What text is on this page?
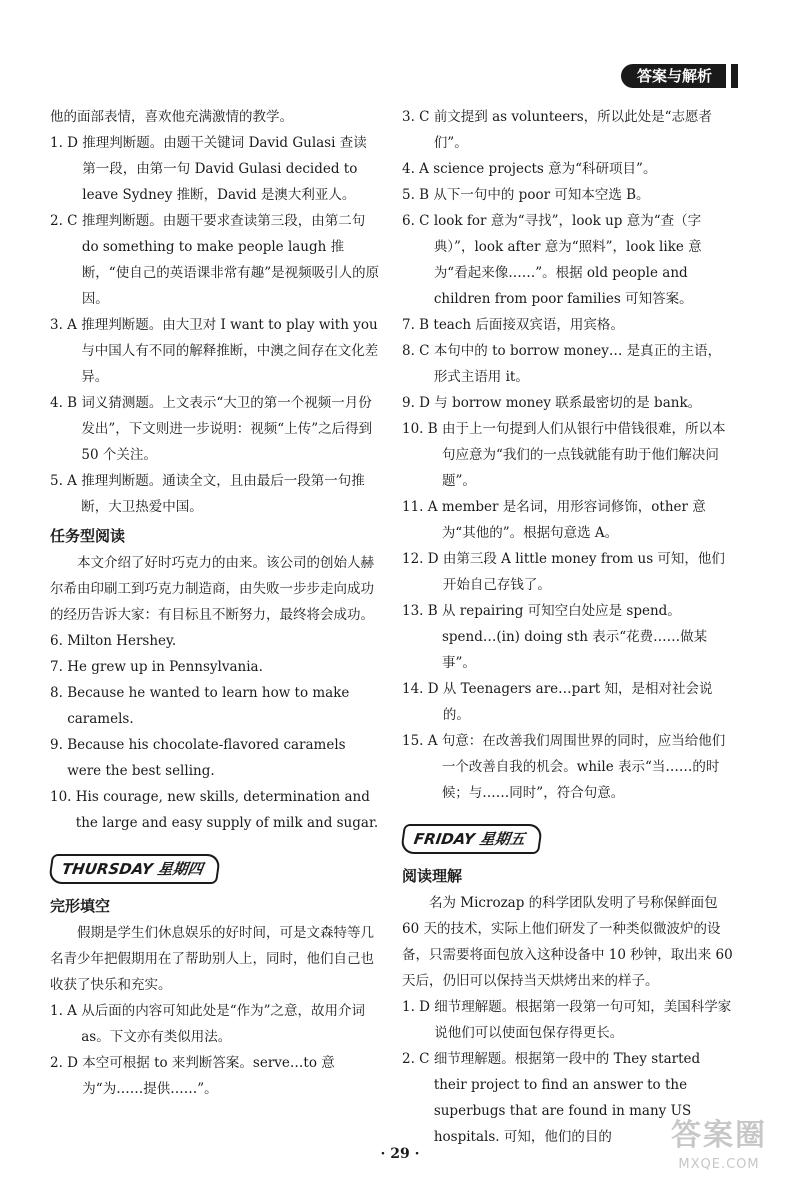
答案与解析

他的面部表情，喜欢他充满激情的教学。

1. D
推理判断题。由题干关键词 David Gulasi 查读第一段，由第一句 David Gulasi decided to leave Sydney 推断，David 是澳大利亚人。
2. C
推理判断题。由题干要求查读第三段，由第二句 do something to make people laugh 推断，“使自己的英语课非常有趣”是视频吸引人的原因。
3. A
推理判断题。由大卫对 I want to play with you 与中国人有不同的解释推断，中澳之间存在文化差异。
4. B
词义猜测题。上文表示“大卫的第一个视频一月份发出”，下文则进一步说明：视频“上传”之后得到 50 个关注。
5. A
推理判断题。通读全文，且由最后一段第一句推断，大卫热爱中国。
任务型阅读

本文介绍了好时巧克力的由来。该公司的创始人赫尔希由印刷工到巧克力制造商，由失败一步步走向成功的经历告诉大家：有目标且不断努力，最终将会成功。

6.
Milton Hershey.
7.
He grew up in Pennsylvania.
8.
Because he wanted to learn how to make caramels.
9.
Because his chocolate-flavored caramels were the best selling.
10.
His courage, new skills, determination and the large and easy supply of milk and sugar.
THURSDAY 星期四
完形填空

假期是学生们休息娱乐的好时间，可是文森特等几名青少年把假期用在了帮助别人上，同时，他们自己也收获了快乐和充实。

1. A
从后面的内容可知此处是“作为”之意，故用介词 as。下文亦有类似用法。
2. D
本空可根据 to 来判断答案。serve…to 意为“为……提供……”。
3. C
前文提到 as volunteers，所以此处是“志愿者们”。
4. A
science projects 意为“科研项目”。
5. B
从下一句中的 poor 可知本空选 B。
6. C
look for 意为“寻找”，look up 意为“查（字典）”，look after 意为“照料”，look like 意为“看起来像……”。根据 old people and children from poor families 可知答案。
7. B
teach 后面接双宾语，用宾格。
8. C
本句中的 to borrow money… 是真正的主语，形式主语用 it。
9. D
与 borrow money 联系最密切的是 bank。
10. B
由于上一句提到人们从银行中借钱很难，所以本句应意为“我们的一点钱就能有助于他们解决问题”。
11. A
member 是名词，用形容词修饰，other 意为“其他的”。根据句意选 A。
12. D
由第三段 A little money from us 可知，他们开始自己存钱了。
13. B
从 repairing 可知空白处应是 spend。spend…(in) doing sth 表示“花费……做某事”。
14. D
从 Teenagers are…part 知，是相对社会说的。
15. A
句意：在改善我们周围世界的同时，应当给他们一个改善自我的机会。while 表示“当……的时候；与……同时”，符合句意。
FRIDAY 星期五
阅读理解

名为 Microzap 的科学团队发明了号称保鲜面包 60 天的技术，实际上他们研发了一种类似微波炉的设备，只需要将面包放入这种设备中 10 秒钟，取出来 60 天后，仍旧可以保持当天烘烤出来的样子。

1. D
细节理解题。根据第一段第一句可知，美国科学家说他们可以使面包保存得更长。
2. C
细节理解题。根据第一段中的 They started their project to find an answer to the superbugs that are found in many US hospitals. 可知，他们的目的
· 29 ·
答案圈
MXQE.COM
